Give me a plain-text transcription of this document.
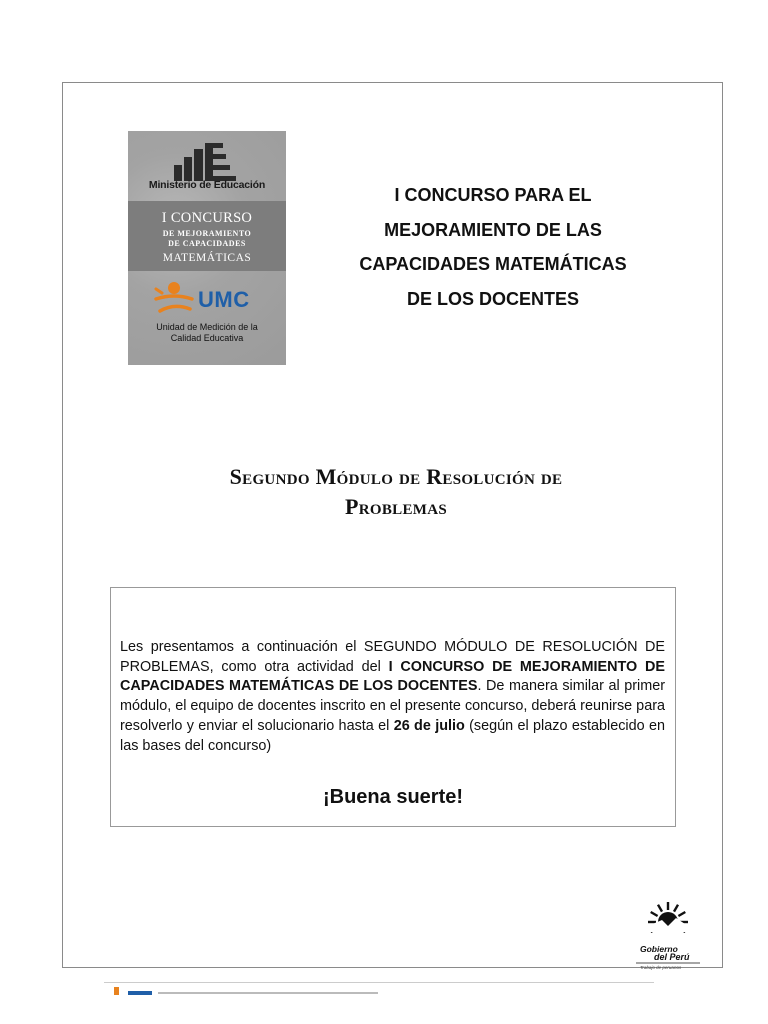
Ministerio de Educación
I CONCURSO
DE MEJORAMIENTO
DE CAPACIDADES
MATEMÁTICAS
UMC
Unidad de Medición de la
Calidad Educativa
I CONCURSO PARA EL
MEJORAMIENTO DE LAS
CAPACIDADES MATEMÁTICAS
DE LOS DOCENTES
Segundo Módulo de Resolución de
Problemas
Les presentamos a continuación el SEGUNDO MÓDULO DE RESOLUCIÓN DE PROBLEMAS, como otra actividad del I CONCURSO DE MEJORAMIENTO DE CAPACIDADES MATEMÁTICAS DE LOS DOCENTES. De manera similar al primer módulo, el equipo de docentes inscrito en el presente concurso, deberá reunirse para resolverlo y enviar el solucionario hasta el 26 de julio (según el plazo establecido en las bases del concurso)
¡Buena suerte!
Gobierno
del Perú
Trabajo de peruanos
